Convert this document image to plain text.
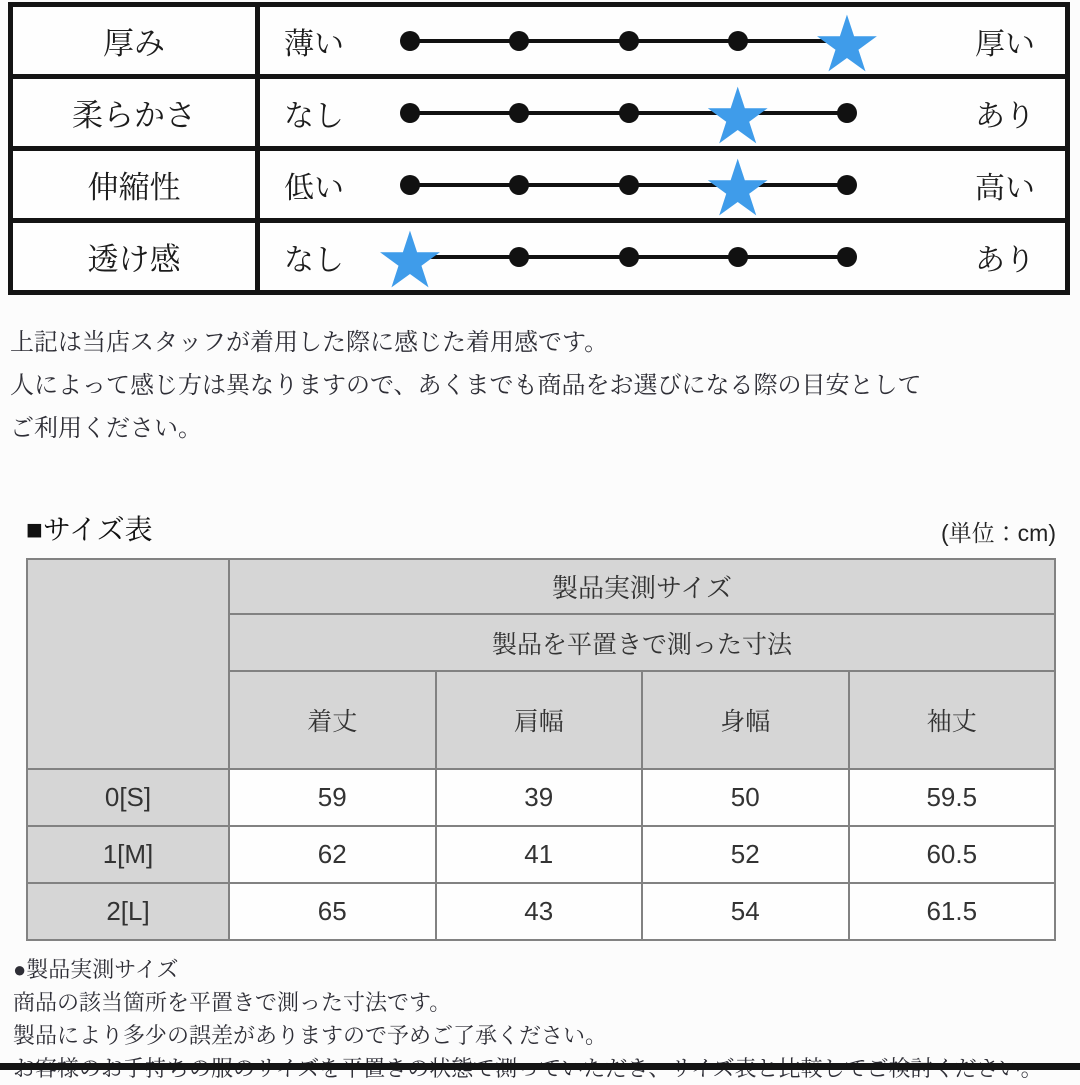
厚み	薄い ★ 厚い

柔らかさ	なし ★ あり

伸縮性	低い ★ 高い

透け感	なし ★ あり
上記は当店スタッフが着用した際に感じた着用感です。
人によって感じ方は異なりますので、あくまでも商品をお選びになる際の目安として
ご利用ください。
■サイズ表	(単位：cm)
	製品実測サイズ			
	製品を平置きで測った寸法			
	着丈	肩幅	身幅	袖丈
0[S]	59	39	50	59.5
1[M]	62	41	52	60.5
2[L]	65	43	54	61.5
●製品実測サイズ
商品の該当箇所を平置きで測った寸法です。
製品により多少の誤差がありますので予めご了承ください。
